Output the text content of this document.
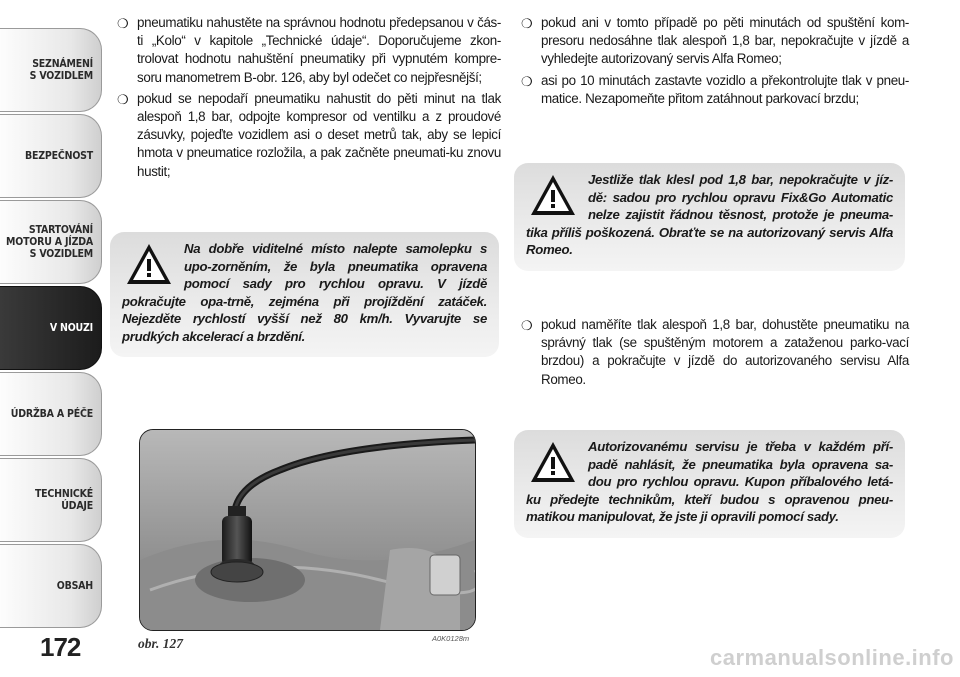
SEZNÁMENÍ
S VOZIDLEM
BEZPEČNOST
STARTOVÁNÍ
MOTORU A JÍZDA
S VOZIDLEM
V NOUZI
ÚDRŽBA A PÉČE
TECHNICKÉ
ÚDAJE
OBSAH
172

❍ pneumatiku nahustěte na správnou hodnotu předepsanou v čás-ti „Kolo“ v kapitole „Technické údaje“. Doporučujeme zkon-trolovat hodnotu nahuštění pneumatiky při vypnutém kompre-soru manometrem B-obr. 126, aby byl odečet co nejpřesnější;

❍ pokud se nepodaří pneumatiku nahustit do pěti minut na tlak alespoň 1,8 bar, odpojte kompresor od ventilku a z proudové zásuvky, pojeďte vozidlem asi o deset metrů tak, aby se lepicí hmota v pneumatice rozložila, a pak začněte pneumati-ku znovu hustit;

Na dobře viditelné místo nalepte samolepku s upo-zorněním, že byla pneumatika opravena pomocí sady pro rychlou opravu. V jízdě pokračujte opa-trně, zejména při projíždění zatáček. Nejezděte rychlostí vyšší než 80 km/h. Vyvarujte se prudkých akcelerací a brzdění.
obr. 127	A0K0128m

❍ pokud ani v tomto případě po pěti minutách od spuštění kom-presoru nedosáhne tlak alespoň 1,8 bar, nepokračujte v jízdě a vyhledejte autorizovaný servis Alfa Romeo;

❍ asi po 10 minutách zastavte vozidlo a překontrolujte tlak v pneu-matice. Nezapomeňte přitom zatáhnout parkovací brzdu;

Jestliže tlak klesl pod 1,8 bar, nepokračujte v jíz-dě: sadou pro rychlou opravu Fix&Go Automatic nelze zajistit řádnou těsnost, protože je pneuma-tika příliš poškozená. Obraťte se na autorizovaný servis Alfa Romeo.

❍ pokud naměříte tlak alespoň 1,8 bar, dohustěte pneumatiku na správný tlak (se spuštěným motorem a zataženou parko-vací brzdou) a pokračujte v jízdě do autorizovaného servisu Alfa Romeo.

Autorizovanému servisu je třeba v každém pří-padě nahlásit, že pneumatika byla opravena sa-dou pro rychlou opravu. Kupon příbalového letá-ku předejte technikům, kteří budou s opravenou pneu-matikou manipulovat, že jste ji opravili pomocí sady.
carmanualsonline.info
